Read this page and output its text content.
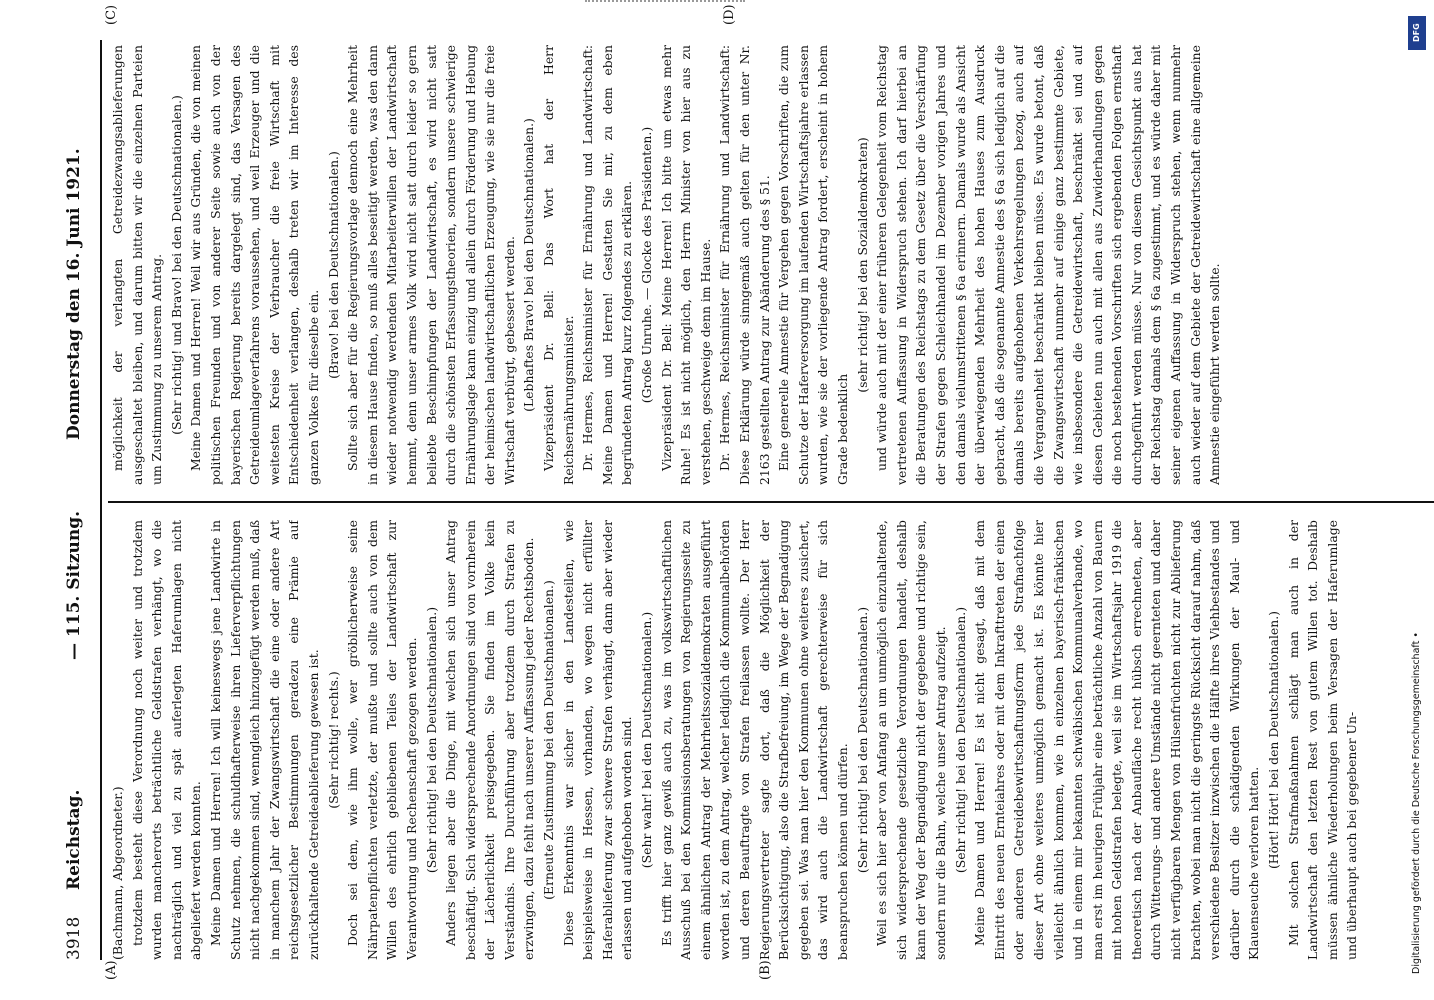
3918
Reichstag.
— 115. Sitzung.
Donnerstag den 16. Juni 1921.
(A)	(B)
(C)	(D)

(Bachmann, Abgeordneter.) trotzdem besteht diese Verordnung noch weiter und trotzdem wurden mancherorts beträchtliche Geldstrafen verhängt, wo die nachträglich und viel zu spät auferlegten Haferumlagen nicht abgeliefert werden konnten. Meine Damen und Herren! Ich will keineswegs jene Landwirte in Schutz nehmen, die schuldhafterweise ihren Lieferverpflichtungen nicht nachgekommen sind, wenngleich hinzugefügt werden muß, daß in manchem Jahr der Zwangswirtschaft die eine oder andere Art reichsgesetzlicher Bestimmungen geradezu eine Prämie auf zurückhaltende Getreideablieferung gewesen ist. (Sehr richtig! rechts.) Doch sei dem, wie ihm wolle, wer gröblicherweise seine Nährpatenpflichten verletzte, der mußte und sollte auch von dem Willen des ehrlich gebliebenen Teiles der Landwirtschaft zur Verantwortung und Rechenschaft gezogen werden. (Sehr richtig! bei den Deutschnationalen.) Anders liegen aber die Dinge, mit welchen sich unser Antrag beschäftigt. Sich widersprechende Anordnungen sind von vornherein der Lächerlichkeit preisgegeben. Sie finden im Volke kein Verständnis. Ihre Durchführung aber trotzdem durch Strafen zu erzwingen, dazu fehlt nach unserer Auffassung jeder Rechtsboden. (Erneute Zustimmung bei den Deutschnationalen.) Diese Erkenntnis war sicher in den Landesteilen, wie beispielsweise in Hessen, vorhanden, wo wegen nicht erfüllter Haferablieferung zwar schwere Strafen verhängt, dann aber wieder erlassen und aufgehoben worden sind. (Sehr wahr! bei den Deutschnationalen.) Es trifft hier ganz gewiß auch zu, was im volkswirtschaftlichen Ausschuß bei den Kommissionsberatungen von Regierungsseite zu einem ähnlichen Antrag der Mehrheitssozialdemokraten ausgeführt worden ist, zu dem Antrag, welcher lediglich die Kommunalbehörden und deren Beauftragte von Strafen freilassen wollte. Der Herr Regierungsvertreter sagte dort, daß die Möglichkeit der Berücksichtigung, also die Strafbefreiung, im Wege der Begnadigung gegeben sei. Was man hier den Kommunen ohne weiteres zusichert, das wird auch die Landwirtschaft gerechterweise für sich beanspruchen können und dürfen. (Sehr richtig! bei den Deutschnationalen.) Weil es sich hier aber von Anfang an um unmöglich einzuhaltende, sich widersprechende gesetzliche Verordnungen handelt, deshalb kann der Weg der Begnadigung nicht der gegebene und richtige sein, sondern nur die Bahn, welche unser Antrag aufzeigt. (Sehr richtig! bei den Deutschnationalen.) Meine Damen und Herren! Es ist nicht gesagt, daß mit dem Eintritt des neuen Ernteiahres oder mit dem Inkrafttreten der einen oder anderen Getreidebewirtschaftungsform jede Strafnachfolge dieser Art ohne weiteres unmöglich gemacht ist. Es könnte hier vielleicht ähnlich kommen, wie in einzelnen bayerisch-fränkischen und in einem mir bekannten schwäbischen Kommunalverbande, wo man erst im heurigen Frühjahr eine beträchtliche Anzahl von Bauern mit hohen Geldstrafen belegte, weil sie im Wirtschaftsjahr 1919 die theoretisch nach der Anbaufläche recht hübsch errechneten, aber durch Witterungs- und andere Umstände nicht geernteten und daher nicht verfügbaren Mengen von Hülsenfrüchten nicht zur Ablieferung brachten, wobei man nicht die geringste Rücksicht darauf nahm, daß verschiedene Besitzer inzwischen die Hälfte ihres Viehbestandes und darüber durch die schädigenden Wirkungen der Maul- und Klauenseuche verloren hatten. (Hört! Hört! bei den Deutschnationalen.) Mit solchen Strafmaßnahmen schlägt man auch in der Landwirtschaft den letzten Rest von gutem Willen tot. Deshalb müssen ähnliche Wiederholungen beim Versagen der Haferumlage und überhaupt auch bei gegebener Un-

möglichkeit der verlangten Getreidezwangsablieferungen ausgeschaltet bleiben, und darum bitten wir die einzelnen Parteien um Zustimmung zu unserem Antrag. (Sehr richtig! und Bravo! bei den Deutschnationalen.) Meine Damen und Herren! Weil wir aus Gründen, die von meinen politischen Freunden und von anderer Seite sowie auch von der bayerischen Regierung bereits dargelegt sind, das Versagen des Getreideumlageverfahrens voraussehen, und weil Erzeuger und die weitesten Kreise der Verbraucher die freie Wirtschaft mit Entschiedenheit verlangen, deshalb treten wir im Interesse des ganzen Volkes für dieselbe ein.

(Bravo! bei den Deutschnationalen.) Sollte sich aber für die Regierungsvorlage dennoch eine Mehrheit in diesem Hause finden, so muß alles beseitigt werden, was den dann wieder notwendig werdenden Mitarbeiterwillen der Landwirtschaft hemmt, denn unser armes Volk wird nicht satt durch leider so gern beliebte Beschimpfungen der Landwirtschaft, es wird nicht satt durch die schönsten Erfassungstheorien, sondern unsere schwierige Ernährungslage kann einzig und allein durch Förderung und Hebung der heimischen landwirtschaftlichen Erzeugung, wie sie nur die freie Wirtschaft verbürgt, gebessert werden. (Lebhaftes Bravo! bei den Deutschnationalen.) Vizepräsident Dr. Bell: Das Wort hat der Herr Reichsernährungsminister. Dr. Hermes, Reichsminister für Ernährung und Landwirtschaft: Meine Damen und Herren! Gestatten Sie mir, zu dem eben begründeten Antrag kurz folgendes zu erklären. (Große Unruhe. — Glocke des Präsidenten.) Vizepräsident Dr. Bell: Meine Herren! Ich bitte um etwas mehr Ruhe! Es ist nicht möglich, den Herrn Minister von hier aus zu verstehen, geschweige denn im Hause. Dr. Hermes, Reichsminister für Ernährung und Landwirtschaft: Diese Erklärung würde sinngemäß auch gelten für den unter Nr. 2163 gestellten Antrag zur Abänderung des § 51. Eine generelle Amnestie für Vergehen gegen Vorschriften, die zum Schutze der Haferversorgung im laufenden Wirtschaftsjahre erlassen wurden, wie sie der vorliegende Antrag fordert, erscheint in hohem Grade bedenklich

(sehr richtig! bei den Sozialdemokraten) und würde auch mit der einer früheren Gelegenheit vom Reichstag vertretenen Auffassung in Widerspruch stehen. Ich darf hierbei an die Beratungen des Reichstags zu dem Gesetz über die Verschärfung der Strafen gegen Schleichhandel im Dezember vorigen Jahres und den damals vielumstrittenen § 6a erinnern. Damals wurde als Ansicht der überwiegenden Mehrheit des hohen Hauses zum Ausdruck gebracht, daß die sogenannte Amnestie des § 6a sich lediglich auf die damals bereits aufgehobenen Verkehrsregelungen bezog, auch auf die Vergangenheit beschränkt bleiben müsse. Es wurde betont, daß die Zwangswirtschaft nunmehr auf einige ganz bestimmte Gebiete, wie insbesondere die Getreidewirtschaft, beschränkt sei und auf diesen Gebieten nun auch mit allen aus Zuwiderhandlungen gegen die noch bestehenden Vorschriften sich ergebenden Folgen ernsthaft durchgeführt werden müsse. Nur von diesem Gesichtspunkt aus hat der Reichstag damals dem § 6a zugestimmt, und es würde daher mit seiner eigenen Auffassung in Widerspruch stehen, wenn nunmehr auch wieder auf dem Gebiete der Getreidewirtschaft eine allgemeine Amnestie eingeführt werden sollte.

DFG
Digitalisierung gefördert durch die Deutsche Forschungsgemeinschaft •
